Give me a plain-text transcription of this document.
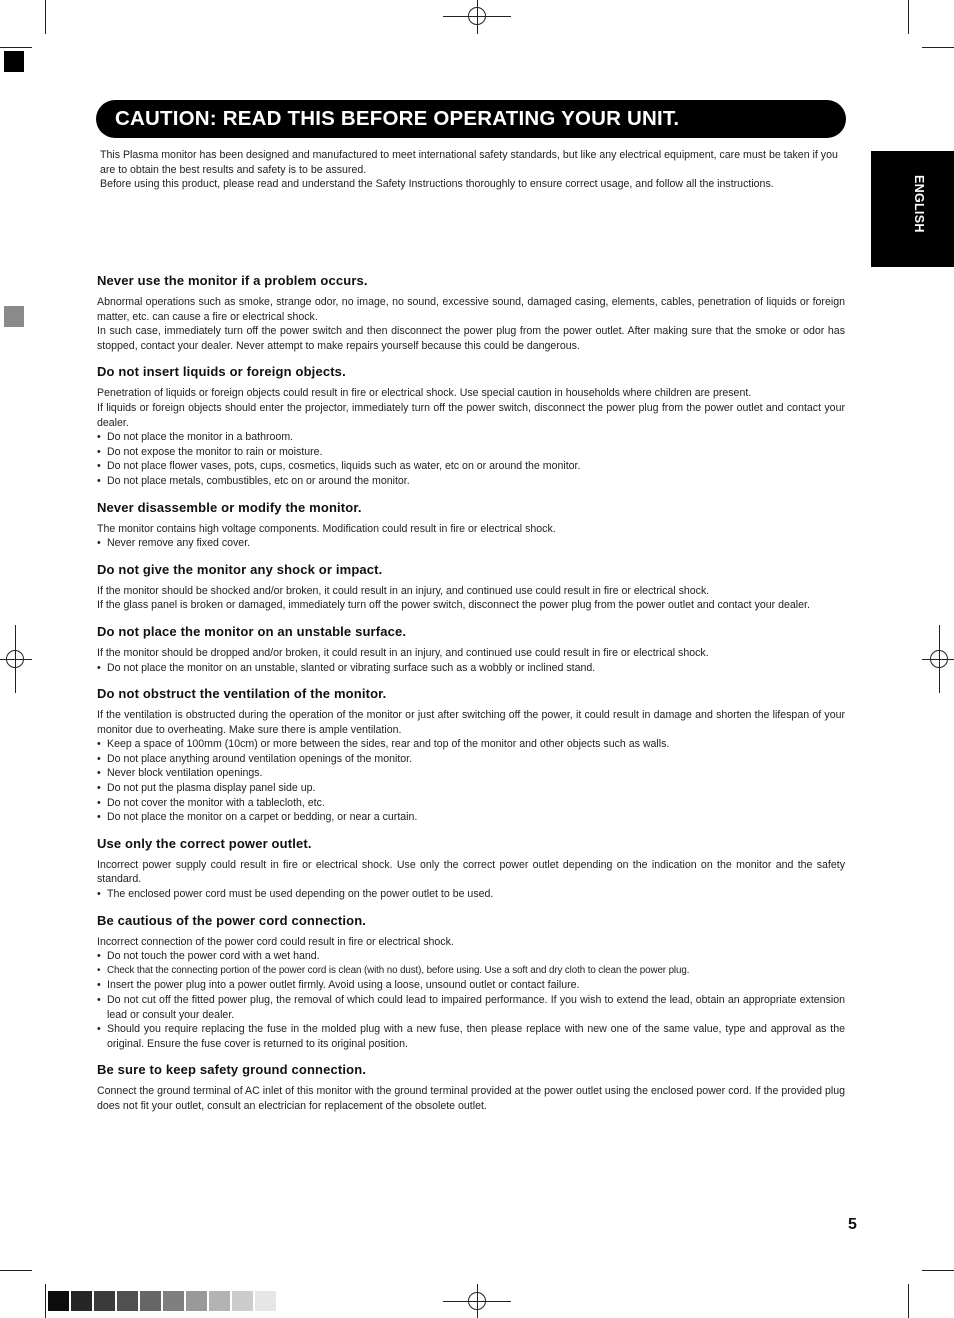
CAUTION: READ THIS BEFORE OPERATING YOUR UNIT.
ENGLISH

This Plasma monitor has been designed and manufactured to meet international safety standards, but like any electrical equipment, care must be taken if you are to obtain the best results and safety is to be assured.

Before using this product, please read and understand the Safety Instructions thoroughly to ensure correct usage, and follow all the instructions.

Never use the monitor if a problem occurs.

Abnormal operations such as smoke, strange odor, no image, no sound, excessive sound, damaged casing, elements, cables, penetration of liquids or foreign matter, etc. can cause a fire or electrical shock.

In such case, immediately turn off the power switch and then disconnect the power plug from the power outlet. After making sure that the smoke or odor has stopped, contact your dealer. Never attempt to make repairs yourself because this could be dangerous.

Do not insert liquids or foreign objects.

Penetration of liquids or foreign objects could result in fire or electrical shock. Use special caution in households where children are present.

If liquids or foreign objects should enter the projector, immediately turn off the power switch, disconnect the power plug from the power outlet and contact your dealer.

• Do not place the monitor in a bathroom.
• Do not expose the monitor to rain or moisture.
• Do not place flower vases, pots, cups, cosmetics, liquids such as water, etc on or around the monitor.
• Do not place metals, combustibles, etc on or around the monitor.
Never disassemble or modify the monitor.

The monitor contains high voltage components. Modification could result in fire or electrical shock.

• Never remove any fixed cover.
Do not give the monitor any shock or impact.

If the monitor should be shocked and/or broken, it could result in an injury, and continued use could result in fire or electrical shock.

If the glass panel is broken or damaged, immediately turn off the power switch, disconnect the power plug from the power outlet and contact your dealer.

Do not place the monitor on an unstable surface.

If the monitor should be dropped and/or broken, it could result in an injury, and continued use could result in fire or electrical shock.

• Do not place the monitor on an unstable, slanted or vibrating surface such as a wobbly or inclined stand.
Do not obstruct the ventilation of the monitor.

If the ventilation is obstructed during the operation of the monitor or just after switching off the power, it could result in damage and shorten the lifespan of your monitor due to overheating. Make sure there is ample ventilation.

• Keep a space of 100mm (10cm) or more between the sides, rear and top of the monitor and other objects such as walls.
• Do not place anything around ventilation openings of the monitor.
• Never block ventilation openings.
• Do not put the plasma display panel side up.
• Do not cover the monitor with a tablecloth, etc.
• Do not place the monitor on a carpet or bedding, or near a curtain.
Use only the correct power outlet.

Incorrect power supply could result in fire or electrical shock. Use only the correct power outlet depending on the indication on the monitor and the safety standard.

• The enclosed power cord must be used depending on the power outlet to be used.
Be cautious of the power cord connection.

Incorrect connection of the power cord could result in fire or electrical shock.

• Do not touch the power cord with a wet hand.
• Check that the connecting portion of the power cord is clean (with no dust), before using. Use a soft and dry cloth to clean the power plug.
• Insert the power plug into a power outlet firmly. Avoid using a loose, unsound outlet or contact failure.
• Do not cut off the fitted power plug, the removal of which could lead to impaired performance. If you wish to extend the lead, obtain an appropriate extension lead or consult your dealer.
• Should you require replacing the fuse in the molded plug with a new fuse, then please replace with new one of the same value, type and approval as the original. Ensure the fuse cover is returned to its original position.
Be sure to keep safety ground connection.

Connect the ground terminal of AC inlet of this monitor with the ground terminal provided at the power outlet using the enclosed power cord. If the provided plug does not fit your outlet, consult an electrician for replacement of the obsolete outlet.

5
